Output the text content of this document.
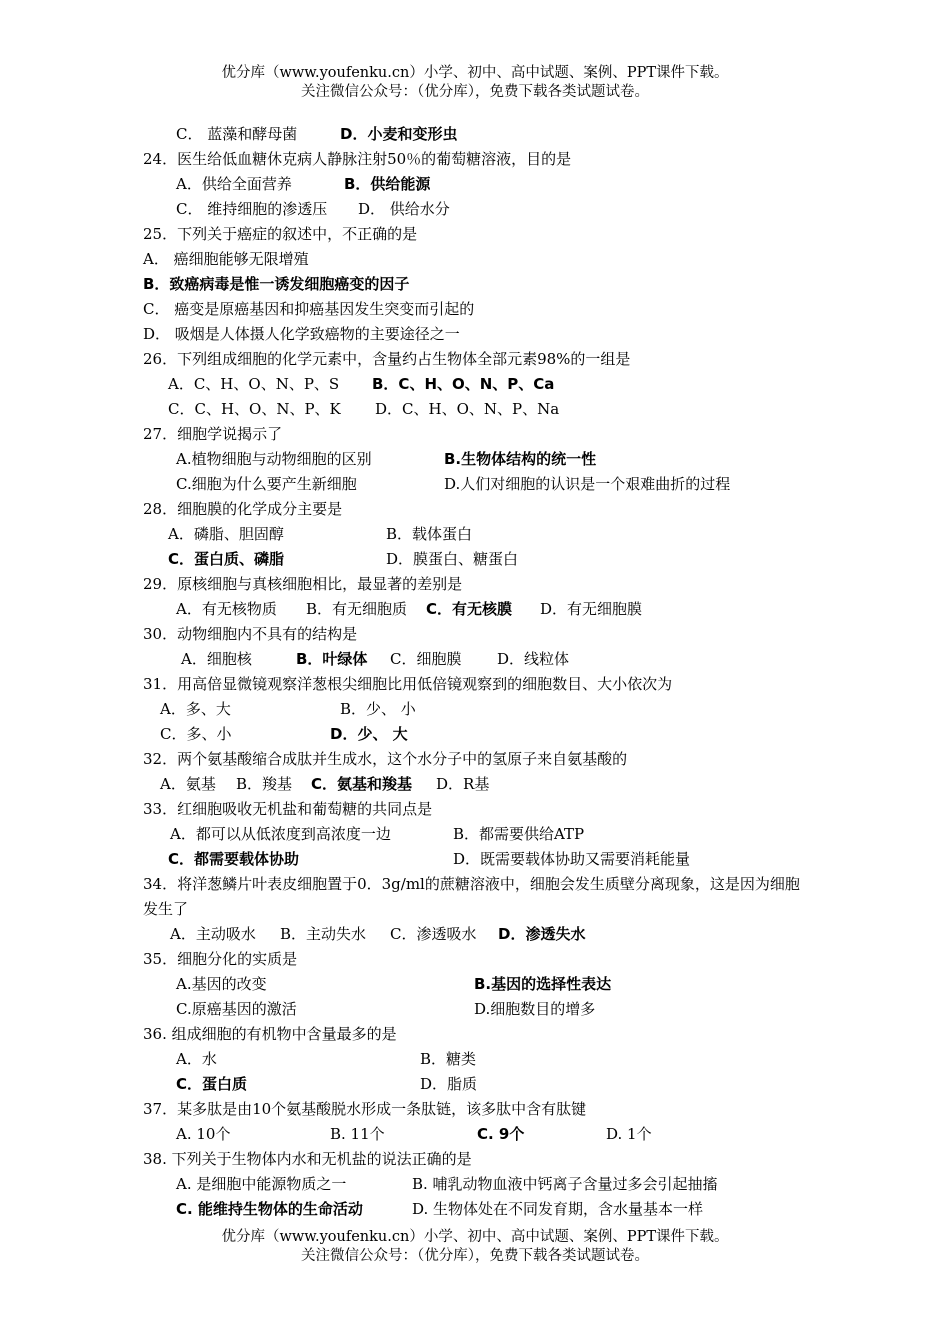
优分库（www.youfenku.cn）小学、初中、高中试题、案例、PPT课件下载。
关注微信公众号：（优分库），免费下载各类试题试卷。
C． 蓝藻和酵母菌	D．小麦和变形虫
24．医生给低血糖休克病人静脉注射50％的葡萄糖溶液，目的是
A．供给全面营养	B．供给能源
C． 维持细胞的渗透压 D． 供给水分
25．下列关于癌症的叙述中，不正确的是
A． 癌细胞能够无限增殖
B．致癌病毒是惟一诱发细胞癌变的因子
C． 癌变是原癌基因和抑癌基因发生突变而引起的
D． 吸烟是人体摄人化学致癌物的主要途径之一
26．下列组成细胞的化学元素中，含量约占生物体全部元素98%的一组是
A．C、H、O、N、P、S B．C、H、O、N、P、Ca
C．C、H、O、N、P、K D．C、H、O、N、P、Na
27．细胞学说揭示了
A.植物细胞与动物细胞的区别	B.生物体结构的统一性
C.细胞为什么要产生新细胞	D.人们对细胞的认识是一个艰难曲折的过程
28．细胞膜的化学成分主要是
A．磷脂、胆固醇	B．载体蛋白
C．蛋白质、磷脂	D．膜蛋白、糖蛋白
29．原核细胞与真核细胞相比，最显著的差别是
A．有无核物质 B．有无细胞质 C．有无核膜 D．有无细胞膜
30．动物细胞内不具有的结构是
A．细胞核	B．叶绿体 C．细胞膜 D．线粒体
31．用高倍显微镜观察洋葱根尖细胞比用低倍镜观察到的细胞数目、大小依次为
A．多、大	B．少、 小
C．多、小	D．少、 大
32．两个氨基酸缩合成肽并生成水，这个水分子中的氢原子来自氨基酸的
A．氨基 B．羧基 C．氨基和羧基 D．R基
33．红细胞吸收无机盐和葡萄糖的共同点是
A．都可以从低浓度到高浓度一边	B．都需要供给ATP
C．都需要载体协助	D．既需要载体协助又需要消耗能量
34．将洋葱鳞片叶表皮细胞置于0．3g/ml的蔗糖溶液中，细胞会发生质壁分离现象，这是因为细胞发生了
A．主动吸水 B．主动失水 C．渗透吸水 D．渗透失水
35．细胞分化的实质是
A.基因的改变	B.基因的选择性表达
C.原癌基因的激活	D.细胞数目的增多
36. 组成细胞的有机物中含量最多的是
A．水	B．糖类
C．蛋白质	D．脂质
37．某多肽是由10个氨基酸脱水形成一条肽链，该多肽中含有肽键
A. 10个	B. 11个	C. 9个	D. 1个
38. 下列关于生物体内水和无机盐的说法正确的是
A. 是细胞中能源物质之一	B. 哺乳动物血液中钙离子含量过多会引起抽搐
C. 能维持生物体的生命活动	D. 生物体处在不同发育期，含水量基本一样
优分库（www.youfenku.cn）小学、初中、高中试题、案例、PPT课件下载。
关注微信公众号：（优分库），免费下载各类试题试卷。
